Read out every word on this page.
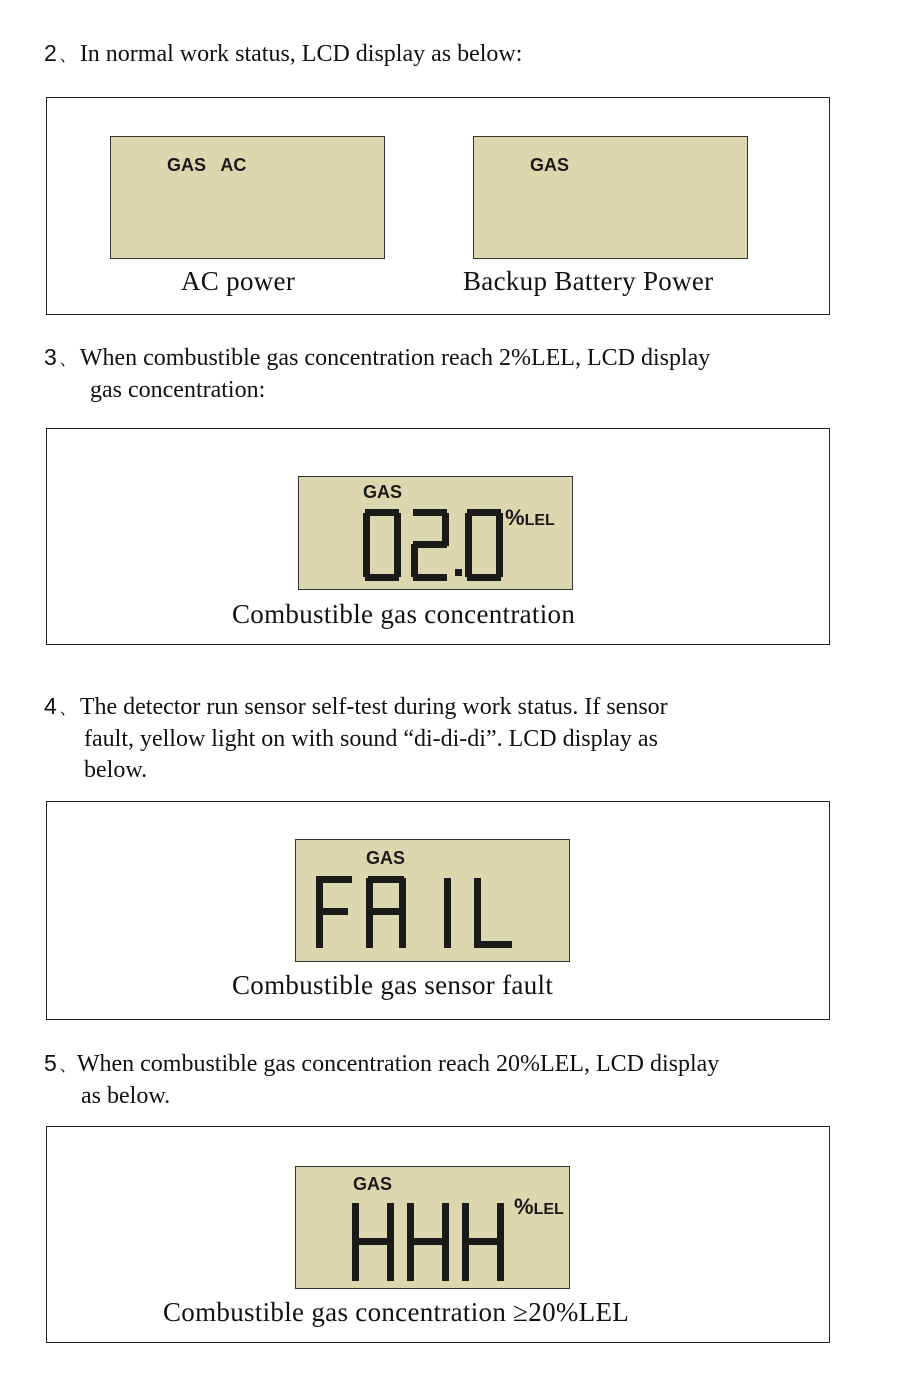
2 、 In normal work status, LCD display as below:
GAS   AC
AC power
GAS
Backup Battery Power
3 、 When combustible gas concentration reach 2%LEL, LCD display
gas concentration:
GAS
%LEL
Combustible gas concentration
4 、 The detector run sensor self-test during work status. If sensor
fault, yellow light on with sound “di-di-di”. LCD display as
below.
GAS
Combustible gas sensor fault
5 、When combustible gas concentration reach 20%LEL, LCD display
as below.
GAS
%LEL
Combustible gas concentration ≥20%LEL
